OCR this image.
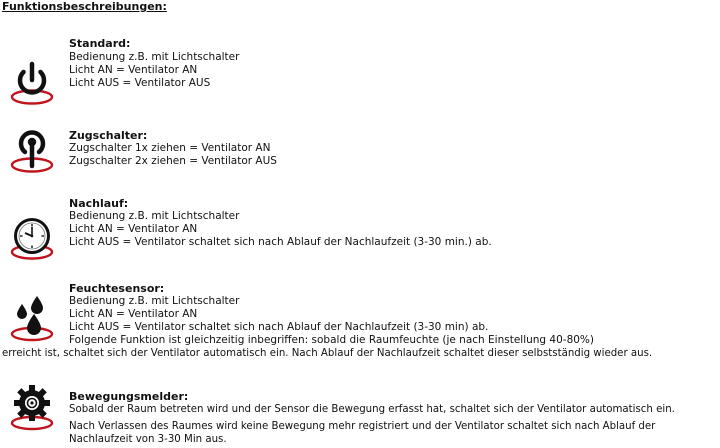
Funktionsbeschreibungen:
Standard:
Bedienung z.B. mit Lichtschalter
Licht AN = Ventilator AN
Licht AUS = Ventilator AUS
Zugschalter:
Zugschalter 1x ziehen = Ventilator AN
Zugschalter 2x ziehen = Ventilator AUS
Nachlauf:
Bedienung z.B. mit Lichtschalter
Licht AN = Ventilator AN
Licht AUS = Ventilator schaltet sich nach Ablauf der Nachlaufzeit (3-30 min.) ab.
Feuchtesensor:
Bedienung z.B. mit Lichtschalter
Licht AN = Ventilator AN
Licht AUS = Ventilator schaltet sich nach Ablauf der Nachlaufzeit (3-30 min) ab.
Folgende Funktion ist gleichzeitig inbegriffen: sobald die Raumfeuchte (je nach Einstellung 40-80%)
erreicht ist, schaltet sich der Ventilator automatisch ein. Nach Ablauf der Nachlaufzeit schaltet dieser selbstständig wieder aus.
Bewegungsmelder:
Sobald der Raum betreten wird und der Sensor die Bewegung erfasst hat, schaltet sich der Ventilator automatisch ein.
Nach Verlassen des Raumes wird keine Bewegung mehr registriert und der Ventilator schaltet sich nach Ablauf der
Nachlaufzeit von 3-30 Min aus.
